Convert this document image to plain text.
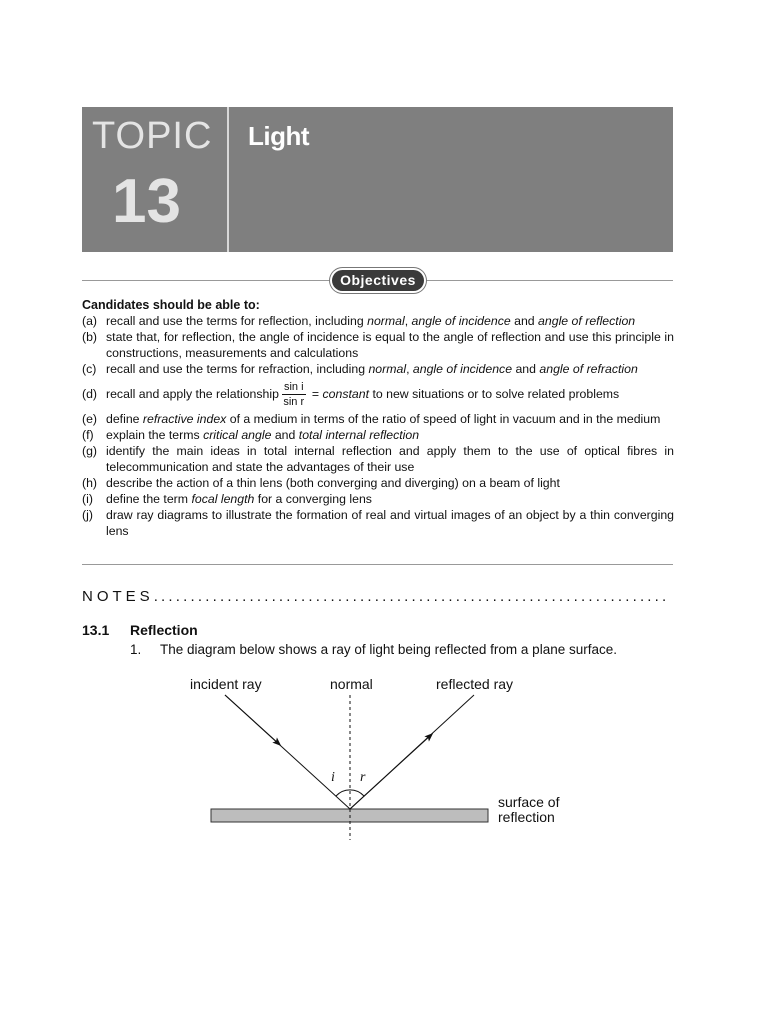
TOPIC
13
Light
Objectives
Candidates should be able to:
(a) recall and use the terms for reflection, including normal, angle of incidence and angle of reflection
(b) state that, for reflection, the angle of incidence is equal to the angle of reflection and use this principle in constructions, measurements and calculations
(c) recall and use the terms for refraction, including normal, angle of incidence and angle of refraction
(d) recall and apply the relationship $\frac{\text{sin i}}{\text{sin r}}$ = constant to new situations or to solve related problems
(e) define refractive index of a medium in terms of the ratio of speed of light in vacuum and in the medium
(f)	explain the terms critical angle and total internal reflection
(g) identify the main ideas in total internal reflection and apply them to the use of optical fibres in telecommunication and state the advantages of their use
(h) describe the action of a thin lens (both converging and diverging) on a beam of light
(i)	define the term focal length for a converging lens
(j)	draw ray diagrams to illustrate the formation of real and virtual images of an object by a thin converging lens
NOTES ......................................................................
13.1 Reflection
1. The diagram below shows a ray of light being reflected from a plane surface.
incident ray	normal	reflected ray
i r
surface of
reflection
